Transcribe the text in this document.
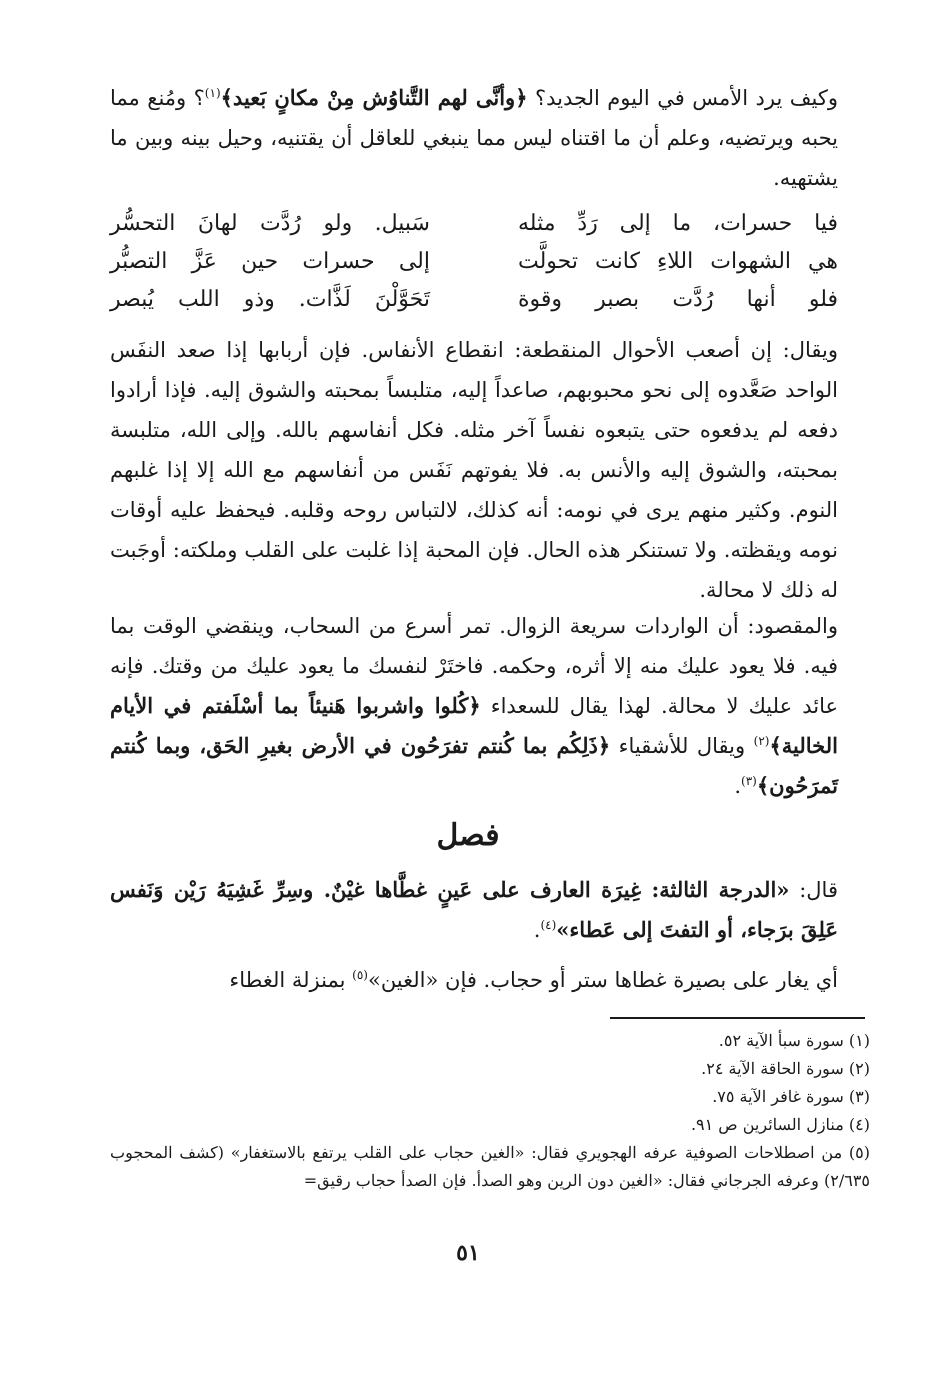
وكيف يرد الأمس في اليوم الجديد؟ ﴿وأنَّى لهم التَّناوُش مِنْ مكانٍ بَعيد﴾$^{(١)}$؟ ومُنع مما يحبه ويرتضيه، وعلم أن ما اقتناه ليس مما ينبغي للعاقل أن يقتنيه، وحيل بينه وبين ما يشتهيه.
فيا حسرات، ما إلى رَدِّ مثله
سَبيل. ولو رُدَّت لهانَ التحسُّر
هي الشهوات اللاءِ كانت تحولَّت
إلى حسرات حين عَزَّ التصبُّر
فلو أنها رُدَّت بصبر وقوة
تَحَوَّلْنَ لَذَّات. وذو اللب يُبصر
ويقال: إن أصعب الأحوال المنقطعة: انقطاع الأنفاس. فإن أربابها إذا صعد النفَس الواحد صَعَّدوه إلى نحو محبوبهم، صاعداً إليه، متلبساً بمحبته والشوق إليه. فإذا أرادوا دفعه لم يدفعوه حتى يتبعوه نفساً آخر مثله. فكل أنفاسهم بالله. وإلى الله، متلبسة بمحبته، والشوق إليه والأنس به. فلا يفوتهم نَفَس من أنفاسهم مع الله إلا إذا غلبهم النوم. وكثير منهم يرى في نومه: أنه كذلك، لالتباس روحه وقلبه. فيحفظ عليه أوقات نومه ويقظته. ولا تستنكر هذه الحال. فإن المحبة إذا غلبت على القلب وملكته: أوجَبت له ذلك لا محالة.
والمقصود: أن الواردات سريعة الزوال. تمر أسرع من السحاب، وينقضي الوقت بما فيه. فلا يعود عليك منه إلا أثره، وحكمه. فاختَرْ لنفسك ما يعود عليك من وقتك. فإنه عائد عليك لا محالة. لهذا يقال للسعداء ﴿كُلوا واشربوا هَنيئاً بما أسْلَفتم في الأيام الخالية﴾$^{(٢)}$ ويقال للأشقياء ﴿ذَلِكُم بما كُنتم تفرَحُون في الأرض بغيرِ الحَق، وبما كُنتم تَمرَحُون﴾$^{(٣)}$.
فصل
قال: «الدرجة الثالثة: غِيرَة العارف على عَينٍ غطَّاها غيْنٌ. وسِرِّ غَشِيَهُ رَيْن وَنَفس عَلِقَ برَجاء، أو التفتَ إلى عَطاء»$^{(٤)}$.
أي يغار على بصيرة غطاها ستر أو حجاب. فإن «الغين»$^{(٥)}$ بمنزلة الغطاء
(١) سورة سبأ الآية ٥٢.
(٢) سورة الحاقة الآية ٢٤.
(٣) سورة غافر الآية ٧٥.
(٤) منازل السائرين ص ٩١.
(٥) من اصطلاحات الصوفية عرفه الهجويري فقال: «الغين حجاب على القلب يرتفع بالاستغفار» (كشف المحجوب ٢/٦٣٥) وعرفه الجرجاني فقال: «الغين دون الرين وهو الصدأ. فإن الصدأ حجاب رقيق=
٥١
